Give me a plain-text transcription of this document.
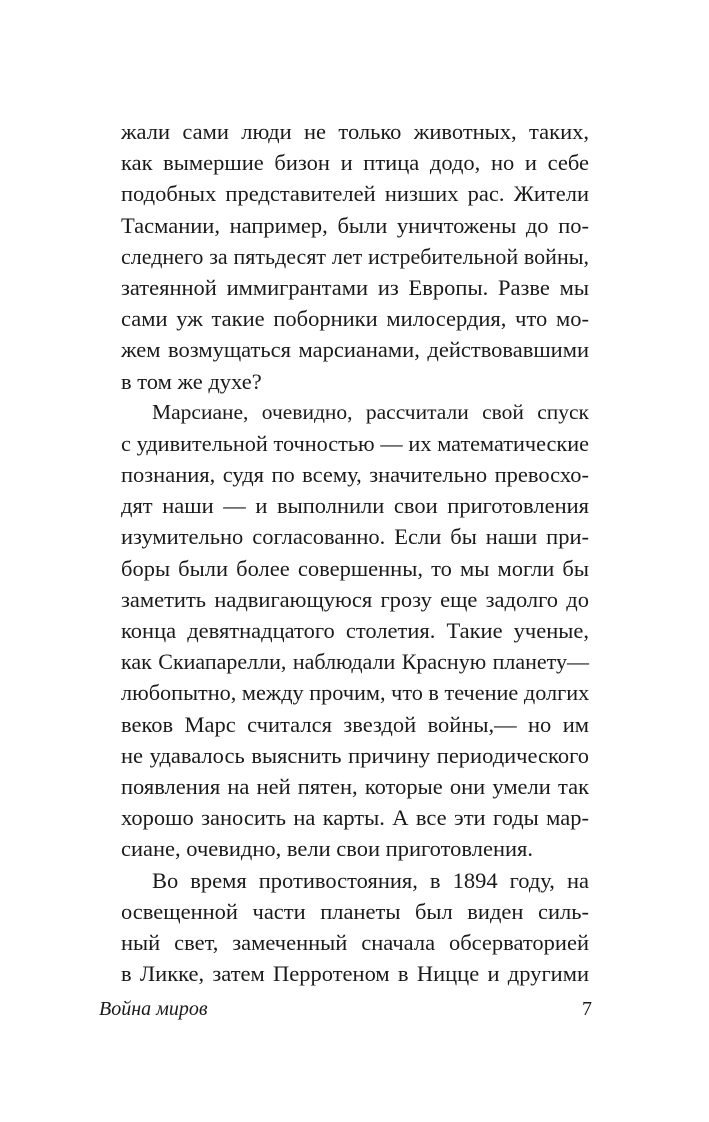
жали сами люди не только животных, таких,
как вымершие бизон и птица додо, но и себе
подобных представителей низших рас. Жители
Тасмании, например, были уничтожены до по-
следнего за пятьдесят лет истребительной войны,
затеянной иммигрантами из Европы. Разве мы
сами уж такие поборники милосердия, что мо-
жем возмущаться марсианами, действовавшими
в том же духе?
Марсиане, очевидно, рассчитали свой спуск
с удивительной точностью — их математические
познания, судя по всему, значительно превосхо-
дят наши — и выполнили свои приготовления
изумительно согласованно. Если бы наши при-
боры были более совершенны, то мы могли бы
заметить надвигающуюся грозу еще задолго до
конца девятнадцатого столетия. Такие ученые,
как Скиапарелли, наблюдали Красную планету—
любопытно, между прочим, что в течение долгих
веков Марс считался звездой войны,— но им
не удавалось выяснить причину периодического
появления на ней пятен, которые они умели так
хорошо заносить на карты. А все эти годы мар-
сиане, очевидно, вели свои приготовления.
Во время противостояния, в 1894 году, на
освещенной части планеты был виден силь-
ный свет, замеченный сначала обсерваторией
в Ликке, затем Перротеном в Ницце и другими
Война миров	7
